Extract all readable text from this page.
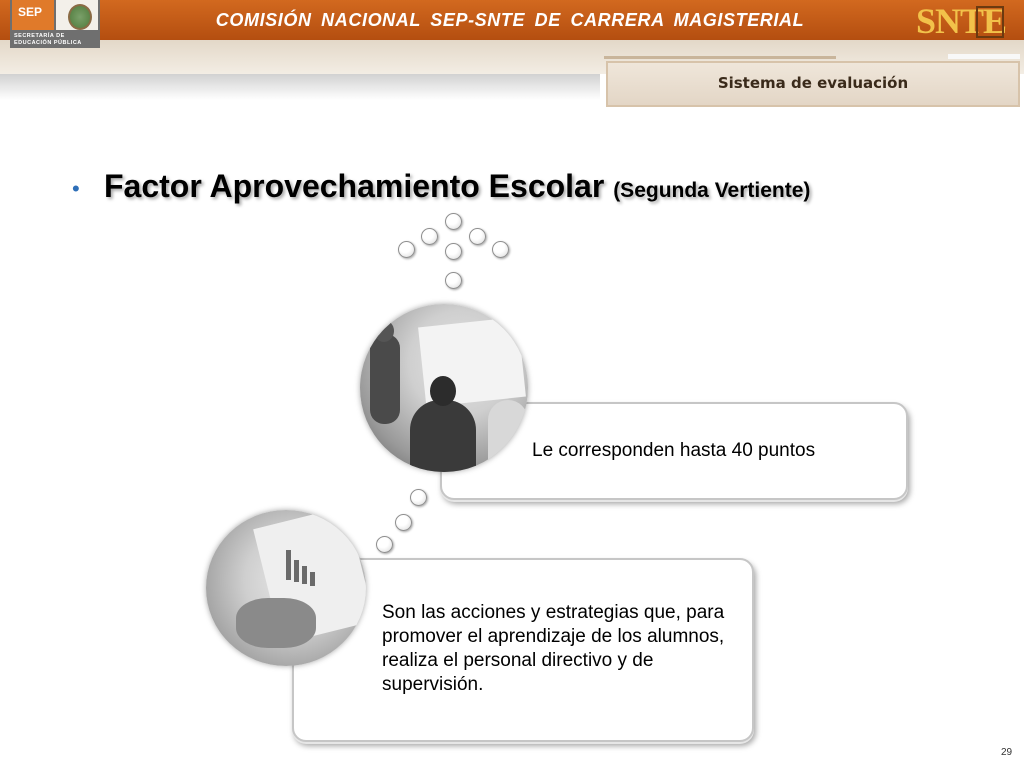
SEP
SECRETARÍA DE
EDUCACIÓN PÚBLICA
COMISIÓN NACIONAL SEP-SNTE DE CARRERA MAGISTERIAL	SNTE
Sistema de evaluación
• Factor Aprovechamiento Escolar (Segunda Vertiente)
Le corresponden hasta 40 puntos
Son las acciones y estrategias que, para promover el aprendizaje de los alumnos, realiza el personal directivo y de supervisión.
29
